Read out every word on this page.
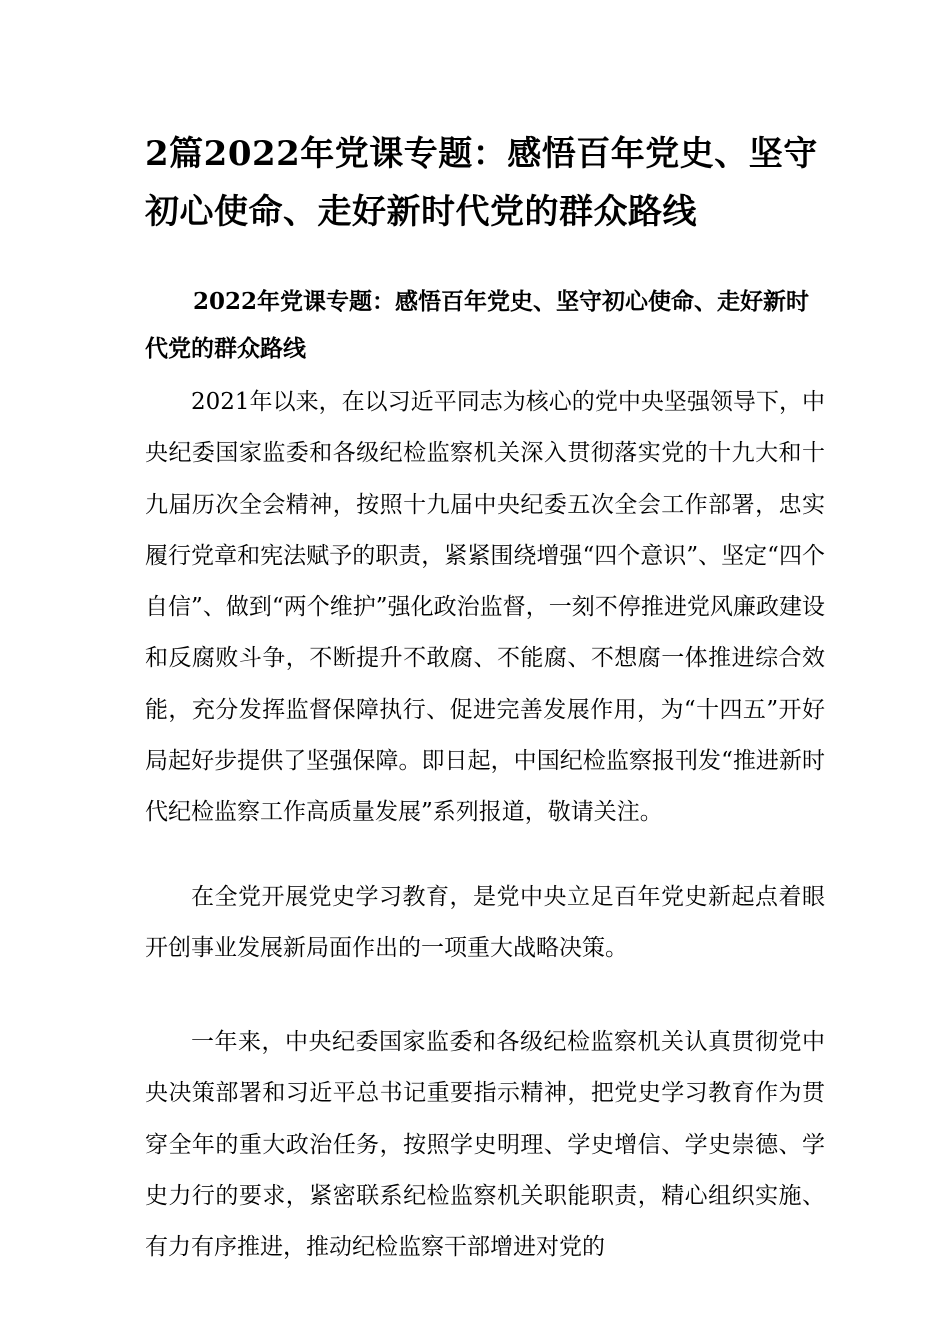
2篇2022年党课专题：感悟百年党史、坚守初心使命、走好新时代党的群众路线
2022年党课专题：感悟百年党史、坚守初心使命、走好新时代党的群众路线

2021年以来，在以习近平同志为核心的党中央坚强领导下，中央纪委国家监委和各级纪检监察机关深入贯彻落实党的十九大和十九届历次全会精神，按照十九届中央纪委五次全会工作部署，忠实履行党章和宪法赋予的职责，紧紧围绕增强“四个意识”、坚定“四个自信”、做到“两个维护”强化政治监督，一刻不停推进党风廉政建设和反腐败斗争，不断提升不敢腐、不能腐、不想腐一体推进综合效能，充分发挥监督保障执行、促进完善发展作用，为“十四五”开好局起好步提供了坚强保障。即日起，中国纪检监察报刊发“推进新时代纪检监察工作高质量发展”系列报道，敬请关注。

在全党开展党史学习教育，是党中央立足百年党史新起点着眼开创事业发展新局面作出的一项重大战略决策。

一年来，中央纪委国家监委和各级纪检监察机关认真贯彻党中央决策部署和习近平总书记重要指示精神，把党史学习教育作为贯穿全年的重大政治任务，按照学史明理、学史增信、学史崇德、学史力行的要求，紧密联系纪检监察机关职能职责，精心组织实施、有力有序推进，推动纪检监察干部增进对党的
